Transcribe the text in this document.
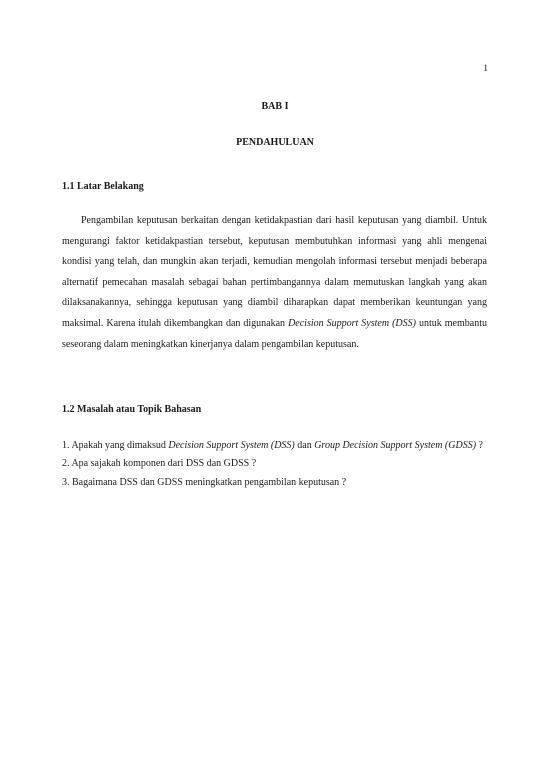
1
BAB I
PENDAHULUAN
1.1 Latar Belakang

Pengambilan keputusan berkaitan dengan ketidakpastian dari hasil keputusan yang diambil. Untuk mengurangi faktor ketidakpastian tersebut, keputusan membutuhkan informasi yang ahli mengenai kondisi yang telah, dan mungkin akan terjadi, kemudian mengolah informasi tersebut menjadi beberapa alternatif pemecahan masalah sebagai bahan pertimbangannya dalam memutuskan langkah yang akan dilaksanakannya, sehingga keputusan yang diambil diharapkan dapat memberikan keuntungan yang maksimal. Karena itulah dikembangkan dan digunakan Decision Support System (DSS) untuk membantu seseorang dalam meningkatkan kinerjanya dalam pengambilan keputusan.

1.2 Masalah atau Topik Bahasan
1. Apakah yang dimaksud Decision Support System (DSS) dan Group Decision Support System (GDSS) ?
2. Apa sajakah komponen dari DSS dan GDSS ?
3. Bagaimana DSS dan GDSS meningkatkan pengambilan keputusan ?
